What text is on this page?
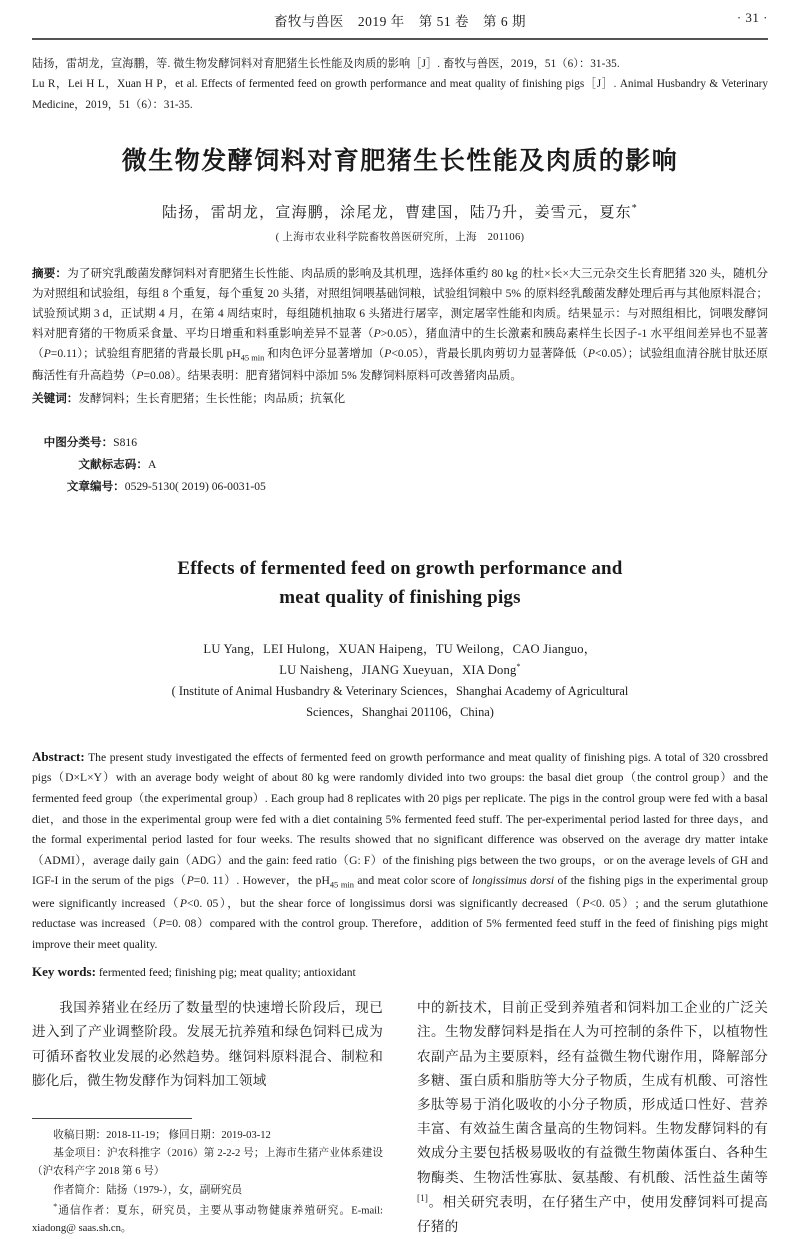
畜牧与兽医　2019 年　第 51 卷　第 6 期	· 31 ·
陆扬，雷胡龙，宣海鹏，等. 微生物发酵饲料对育肥猪生长性能及肉质的影响［J］. 畜牧与兽医，2019，51（6）：31-35.
Lu R，Lei H L，Xuan H P，et al. Effects of fermented feed on growth performance and meat quality of finishing pigs［J］. Animal Husbandry & Veterinary Medicine，2019，51（6）：31-35.
微生物发酵饲料对育肥猪生长性能及肉质的影响
陆扬，雷胡龙，宣海鹏，涂尾龙，曹建国，陆乃升，姜雪元，夏东*
( 上海市农业科学院畜牧兽医研究所，上海　201106)
摘要：为了研究乳酸菌发酵饲料对育肥猪生长性能、肉品质的影响及其机理，选择体重约 80 kg 的杜×长×大三元杂交生长育肥猪 320 头，随机分为对照组和试验组，每组 8 个重复，每个重复 20 头猪，对照组饲喂基础饲粮，试验组饲粮中 5% 的原料经乳酸菌发酵处理后再与其他原料混合；试验预试期 3 d，正试期 4 月，在第 4 周结束时，每组随机抽取 6 头猪进行屠宰，测定屠宰性能和肉质。结果显示：与对照组相比，饲喂发酵饲料对肥育猪的干物质采食量、平均日增重和料重影响差异不显著（P>0.05），猪血清中的生长激素和胰岛素样生长因子-1 水平组间差异也不显著（P=0.11）；试验组育肥猪的背最长肌 $pH_{45 min}$ 和肉色评分显著增加（P<0.05），背最长肌肉剪切力显著降低（P<0.05）；试验组血清谷胱甘肽还原酶活性有升高趋势（P=0.08）。结果表明：肥育猪饲料中添加 5% 发酵饲料原料可改善猪肉品质。
关键词：发酵饲料；生长育肥猪；生长性能；肉品质；抗氧化

中图分类号：S816
　　　文献标志码：A
　　文章编号：0529-5130( 2019) 06-0031-05

Effects of fermented feed on growth performance and
meat quality of finishing pigs
LU Yang，LEI Hulong，XUAN Haipeng，TU Weilong，CAO Jianguo，
LU Naisheng，JIANG Xueyuan，XIA Dong*
( Institute of Animal Husbandry & Veterinary Sciences，Shanghai Academy of Agricultural
Sciences，Shanghai 201106，China)
Abstract: The present study investigated the effects of fermented feed on growth performance and meat quality of finishing pigs. A total of 320 crossbred pigs（D×L×Y）with an average body weight of about 80 kg were randomly divided into two groups: the basal diet group（the control group）and the fermented feed group（the experimental group）. Each group had 8 replicates with 20 pigs per replicate. The pigs in the control group were fed with a basal diet，and those in the experimental group were fed with a diet containing 5% fermented feed stuff. The per-experimental period lasted for three days，and the formal experimental period lasted for four weeks. The results showed that no significant difference was observed on the average dry matter intake（ADMI），average daily gain（ADG）and the gain: feed ratio（G: F）of the finishing pigs between the two groups，or on the average levels of GH and IGF-I in the serum of the pigs（P=0. 11）. However，the $pH_{45 min}$ and meat color score of longissimus dorsi of the fishing pigs in the experimental group were significantly increased（P<0. 05），but the shear force of longissimus dorsi was significantly decreased（P<0. 05）; and the serum glutathione reductase was increased（P=0. 08）compared with the control group. Therefore，addition of 5% fermented feed stuff in the feed of finishing pigs might improve their meet quality.
Key words: fermented feed; finishing pig; meat quality; antioxidant
我国养猪业在经历了数量型的快速增长阶段后，现已进入到了产业调整阶段。发展无抗养殖和绿色饲料已成为可循环畜牧业发展的必然趋势。继饲料原料混合、制粒和膨化后，微生物发酵作为饲料加工领域
收稿日期：2018-11-19； 修回日期：2019-03-12
基金项目：沪农科推字（2016）第 2-2-2 号；上海市生猪产业体系建设（沪农科产字 2018 第 6 号）
作者简介：陆扬（1979-），女，副研究员
*通信作者：夏东，研究员，主要从事动物健康养殖研究。E-mail: xiadong@ saas.sh.cn。
中的新技术，目前正受到养殖者和饲料加工企业的广泛关注。生物发酵饲料是指在人为可控制的条件下，以植物性农副产品为主要原料，经有益微生物代谢作用，降解部分多糖、蛋白质和脂肪等大分子物质，生成有机酸、可溶性多肽等易于消化吸收的小分子物质，形成适口性好、营养丰富、有效益生菌含量高的生物饲料。生物发酵饲料的有效成分主要包括极易吸收的有益微生物菌体蛋白、各种生物酶类、生物活性寡肽、氨基酸、有机酸、活性益生菌等[1]。相关研究表明，在仔猪生产中，使用发酵饲料可提高仔猪的
